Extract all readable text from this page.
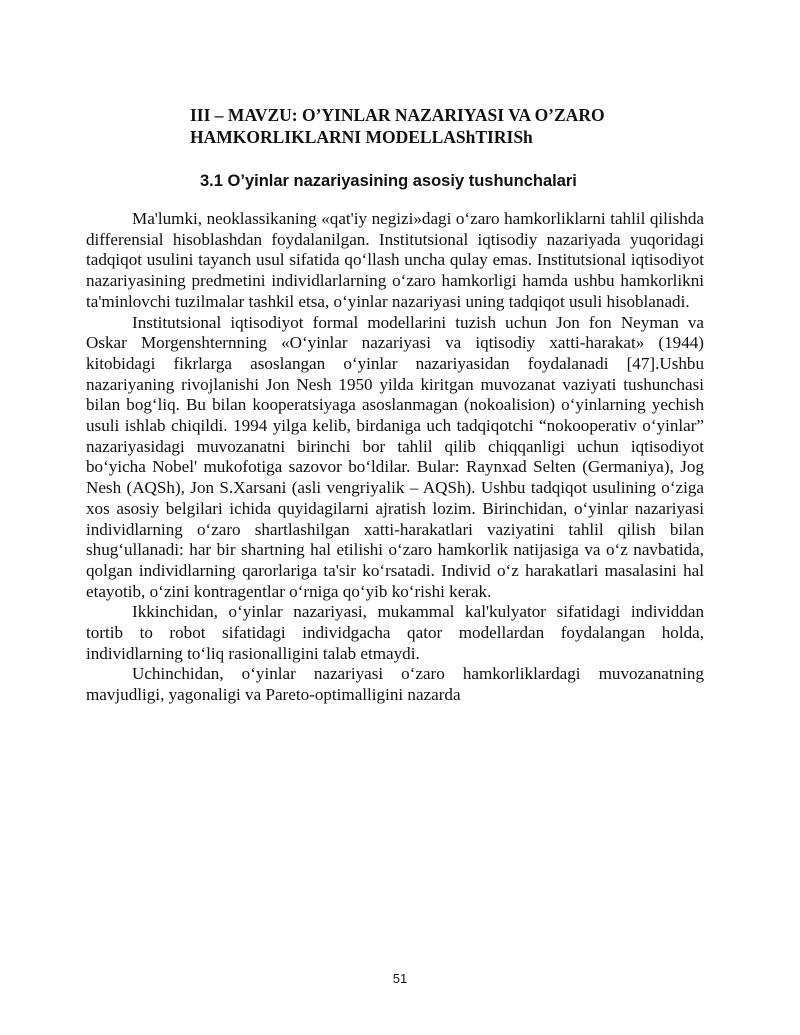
III – MAVZU: O’YINLAR NAZARIYASI VA O’ZARO
HAMKORLIKLARNI MODELLAShTIRISh
3.1 O’yinlar nazariyasining asosiy tushunchalari

Ma'lumki, neoklassikaning «qat'iy negizi»dagi o‘zaro hamkorliklarni tahlil qilishda differensial hisoblashdan foydalanilgan. Institutsional iqtisodiy nazariyada yuqoridagi tadqiqot usulini tayanch usul sifatida qo‘llash uncha qulay emas. Institutsional iqtisodiyot nazariyasining predmetini individlarlarning o‘zaro hamkorligi hamda ushbu hamkorlikni ta'minlovchi tuzilmalar tashkil etsa, o‘yinlar nazariyasi uning tadqiqot usuli hisoblanadi.

Institutsional iqtisodiyot formal modellarini tuzish uchun Jon fon Neyman va Oskar Morgenshternning «O‘yinlar nazariyasi va iqtisodiy xatti-harakat» (1944) kitobidagi fikrlarga asoslangan o‘yinlar nazariyasidan foydalanadi [47].Ushbu nazariyaning rivojlanishi Jon Nesh 1950 yilda kiritgan muvozanat vaziyati tushunchasi bilan bog‘liq. Bu bilan kooperatsiyaga asoslanmagan (nokoalision) o‘yinlarning yechish usuli ishlab chiqildi. 1994 yilga kelib, birdaniga uch tadqiqotchi “nokooperativ o‘yinlar” nazariyasidagi muvozanatni birinchi bor tahlil qilib chiqqanligi uchun iqtisodiyot bo‘yicha Nobel' mukofotiga sazovor bo‘ldilar. Bular: Raynxad Selten (Germaniya), Jog Nesh (AQSh), Jon S.Xarsani (asli vengriyalik – AQSh). Ushbu tadqiqot usulining o‘ziga xos asosiy belgilari ichida quyidagilarni ajratish lozim. Birinchidan, o‘yinlar nazariyasi individlarning o‘zaro shartlashilgan xatti-harakatlari vaziyatini tahlil qilish bilan shug‘ullanadi: har bir shartning hal etilishi o‘zaro hamkorlik natijasiga va o‘z navbatida, qolgan individlarning qarorlariga ta'sir ko‘rsatadi. Individ o‘z harakatlari masalasini hal etayotib, o‘zini kontragentlar o‘rniga qo‘yib ko‘rishi kerak.

Ikkinchidan, o‘yinlar nazariyasi, mukammal kal'kulyator sifatidagi individdan tortib to robot sifatidagi individgacha qator modellardan foydalangan holda, individlarning to‘liq rasionalligini talab etmaydi.

Uchinchidan, o‘yinlar nazariyasi o‘zaro hamkorliklardagi muvozanatning mavjudligi, yagonaligi va Pareto-optimalligini nazarda

51
